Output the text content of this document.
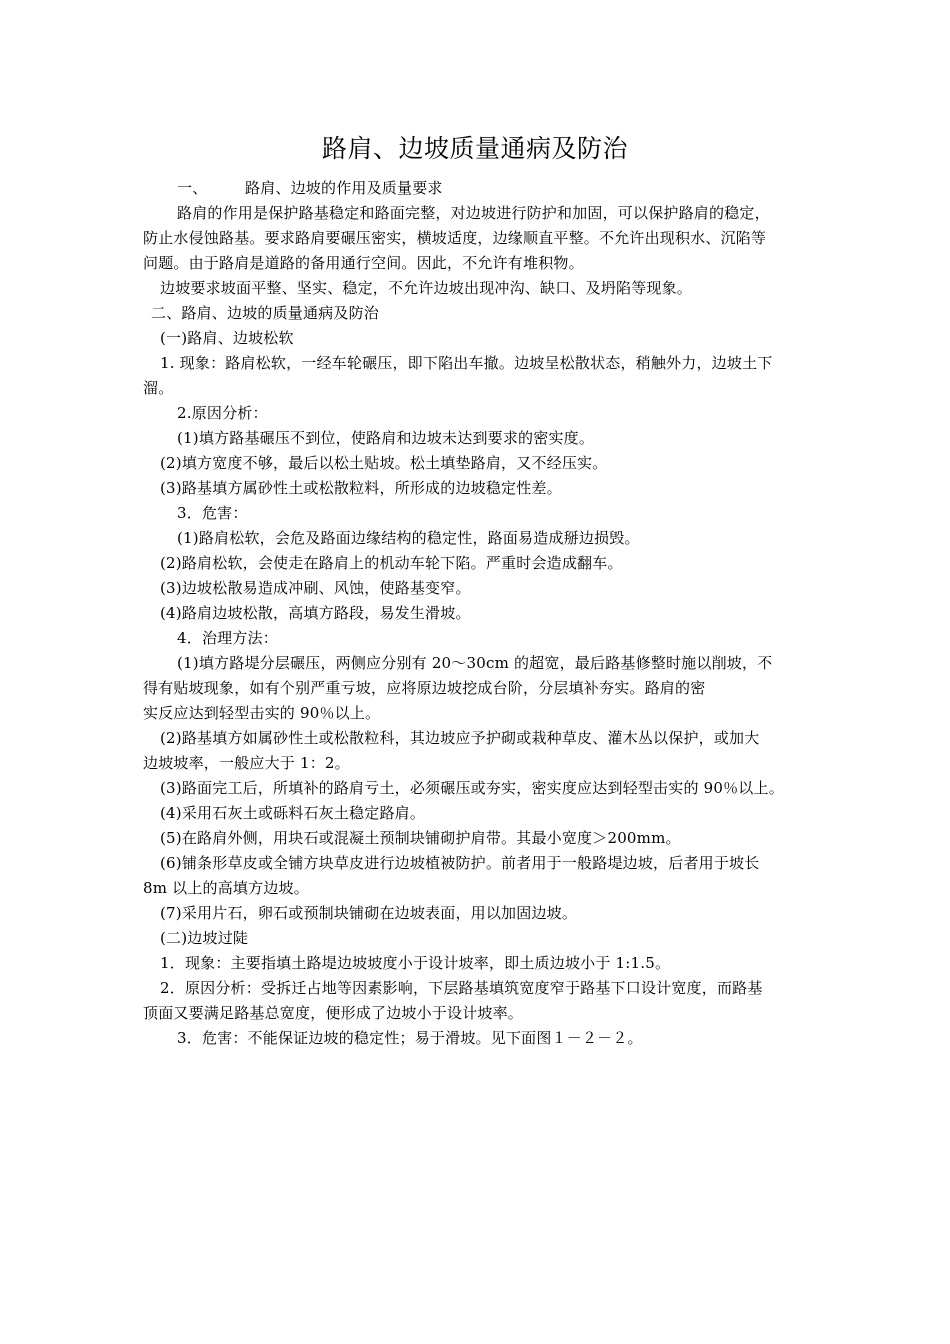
路肩、边坡质量通病及防治
一、	路肩、边坡的作用及质量要求
路肩的作用是保护路基稳定和路面完整，对边坡进行防护和加固，可以保护路肩的稳定，
防止水侵蚀路基。要求路肩要碾压密实，横坡适度，边缘顺直平整。不允许出现积水、沉陷等
问题。由于路肩是道路的备用通行空间。因此，不允许有堆积物。
边坡要求坡面平整、坚实、稳定，不允许边坡出现冲沟、缺口、及坍陷等现象。
二、路肩、边坡的质量通病及防治
(一)路肩、边坡松软
1. 现象：路肩松软，一经车轮碾压，即下陷出车撤。边坡呈松散状态，稍触外力，边坡土下
溜。
2.原因分析：
(1)填方路基碾压不到位，使路肩和边坡未达到要求的密实度。
(2)填方宽度不够，最后以松土贴坡。松土填垫路肩，又不经压实。
(3)路基填方属砂性土或松散粒料，所形成的边坡稳定性差。
3．危害：
(1)路肩松软，会危及路面边缘结构的稳定性，路面易造成掰边损毁。
(2)路肩松软，会使走在路肩上的机动车轮下陷。严重时会造成翻车。
(3)边坡松散易造成冲刷、风蚀，使路基变窄。
(4)路肩边坡松散，高填方路段，易发生滑坡。
4．治理方法：
(1)填方路堤分层碾压，两侧应分别有 20～30cm 的超宽，最后路基修整时施以削坡，不
得有贴坡现象，如有个别严重亏坡，应将原边坡挖成台阶，分层填补夯实。路肩的密
实反应达到轻型击实的 90％以上。
(2)路基填方如属砂性土或松散粒科，其边坡应予护砌或栽种草皮、灌木丛以保护，或加大
边坡坡率，一般应大于 1：2。
(3)路面完工后，所填补的路肩亏土，必须碾压或夯实，密实度应达到轻型击实的 90％以上。
(4)采用石灰土或砾料石灰土稳定路肩。
(5)在路肩外侧，用块石或混凝土预制块铺砌护肩带。其最小宽度＞200mm。
(6)铺条形草皮或全铺方块草皮进行边坡植被防护。前者用于一般路堤边坡，后者用于坡长
8m 以上的高填方边坡。
(7)采用片石，卵石或预制块铺砌在边坡表面，用以加固边坡。
(二)边坡过陡
1．现象：主要指填土路堤边坡坡度小于设计坡率，即土质边坡小于 1:1.5。
2．原因分析：受拆迁占地等因素影响，下层路基填筑宽度窄于路基下口设计宽度，而路基
顶面又要满足路基总宽度，便形成了边坡小于设计坡率。
3．危害：不能保证边坡的稳定性；易于滑坡。见下面图１－２－２。
